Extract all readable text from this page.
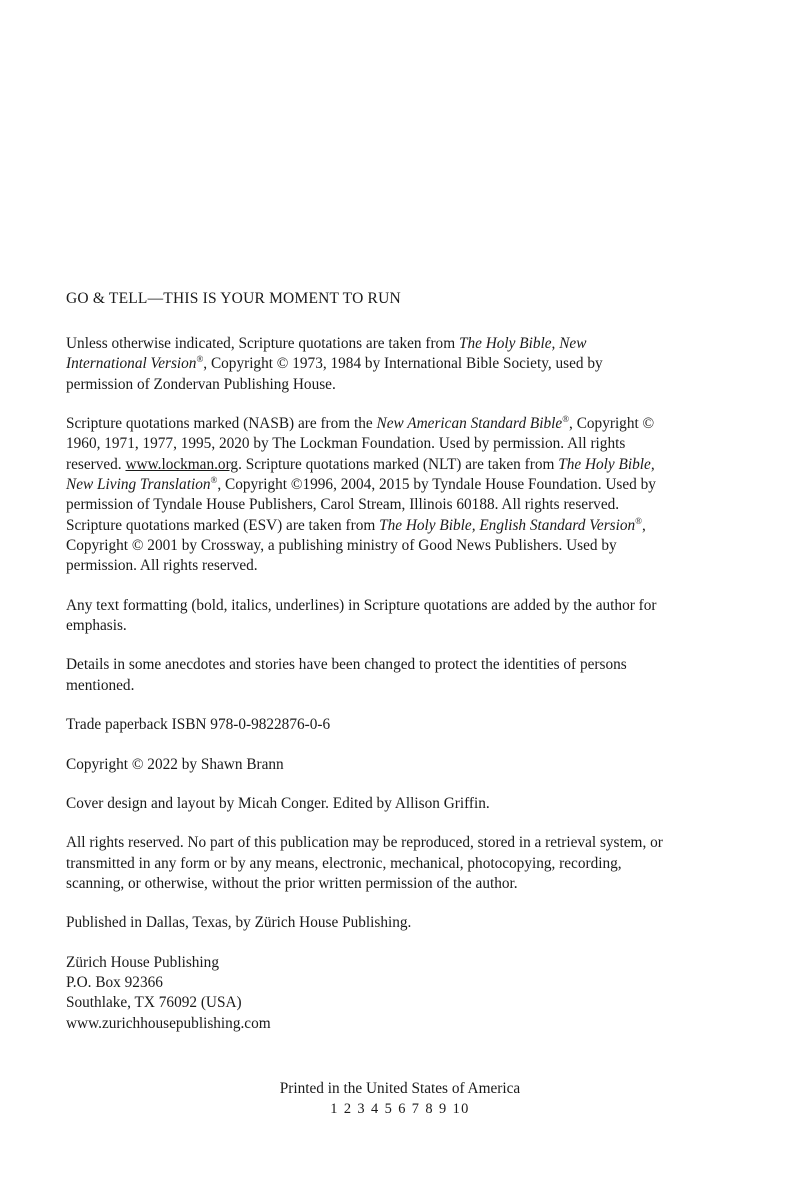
GO & TELL—THIS IS YOUR MOMENT TO RUN

Unless otherwise indicated, Scripture quotations are taken from The Holy Bible, New International Version®, Copyright © 1973, 1984 by International Bible Society, used by permission of Zondervan Publishing House.

Scripture quotations marked (NASB) are from the New American Standard Bible®, Copyright © 1960, 1971, 1977, 1995, 2020 by The Lockman Foundation. Used by permission. All rights reserved. www.lockman.org. Scripture quotations marked (NLT) are taken from The Holy Bible, New Living Translation®, Copyright ©1996, 2004, 2015 by Tyndale House Foundation. Used by permission of Tyndale House Publishers, Carol Stream, Illinois 60188. All rights reserved. Scripture quotations marked (ESV) are taken from The Holy Bible, English Standard Version®, Copyright © 2001 by Crossway, a publishing ministry of Good News Publishers. Used by permission. All rights reserved.

Any text formatting (bold, italics, underlines) in Scripture quotations are added by the author for emphasis.

Details in some anecdotes and stories have been changed to protect the identities of persons mentioned.

Trade paperback ISBN 978-0-9822876-0-6

Copyright © 2022 by Shawn Brann

Cover design and layout by Micah Conger. Edited by Allison Griffin.

All rights reserved. No part of this publication may be reproduced, stored in a retrieval system, or transmitted in any form or by any means, electronic, mechanical, photocopying, recording, scanning, or otherwise, without the prior written permission of the author.

Published in Dallas, Texas, by Zürich House Publishing.

Zürich House Publishing
P.O. Box 92366
Southlake, TX 76092 (USA)
www.zurichhousepublishing.com
Printed in the United States of America
1 2 3 4 5 6 7 8 9 10
